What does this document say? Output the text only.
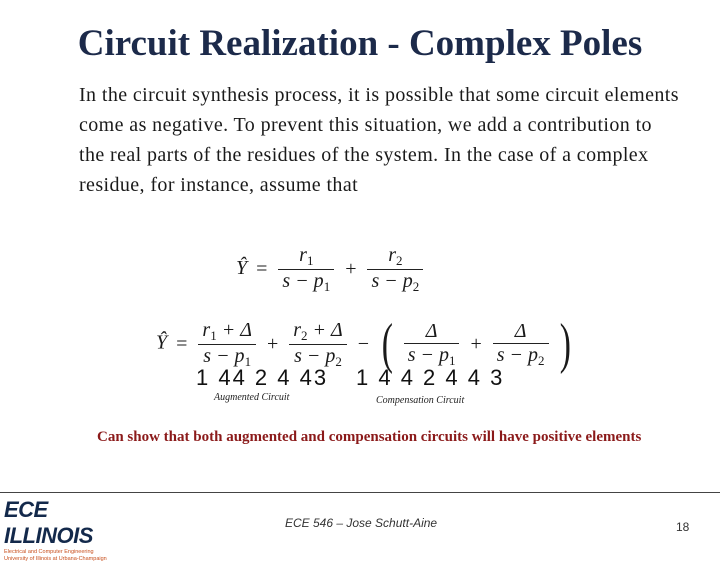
Circuit Realization - Complex Poles
In the circuit synthesis process, it is possible that some circuit elements come as negative. To prevent this situation, we add a contribution to the real parts of the residues of the system. In the case of a complex residue, for instance, assume that
Ŷ = $\frac{r_1}{s - p_1} + \frac{r_2}{s - p_2}$
Ŷ = $\frac{r_1 + \Delta}{s - p_1} + \frac{r_2 + \Delta}{s - p_2}$ − ( $\frac{\Delta}{s - p_1} + \frac{\Delta}{s - p_2}$ )
1 44 2 4 43 1 4 4 2 4 4 3
Augmented Circuit	Compensation Circuit
Can show that both augmented and compensation circuits will have positive elements
ECE ILLINOIS
Electrical and Computer Engineering
University of Illinois at Urbana-Champaign
ECE 546 – Jose Schutt-Aine	18
